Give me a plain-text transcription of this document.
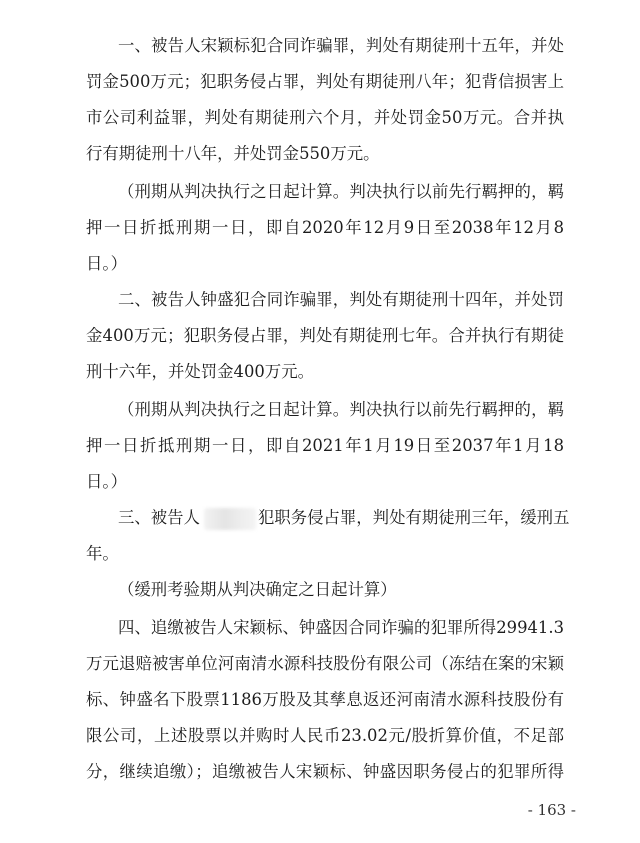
一、被告人宋颖标犯合同诈骗罪，判处有期徒刑十五年，并处
罚金500万元；犯职务侵占罪，判处有期徒刑八年；犯背信损害上
市公司利益罪，判处有期徒刑六个月，并处罚金50万元。合并执
行有期徒刑十八年，并处罚金550万元。
（刑期从判决执行之日起计算。判决执行以前先行羁押的，羁
押一日折抵刑期一日，即自2020年12月9日至2038年12月8
日。）
二、被告人钟盛犯合同诈骗罪，判处有期徒刑十四年，并处罚
金400万元；犯职务侵占罪，判处有期徒刑七年。合并执行有期徒
刑十六年，并处罚金400万元。
（刑期从判决执行之日起计算。判决执行以前先行羁押的，羁
押一日折抵刑期一日，即自2021年1月19日至2037年1月18
日。）
三、被告人	犯职务侵占罪，判处有期徒刑三年，缓刑五
年。
（缓刑考验期从判决确定之日起计算）
四、追缴被告人宋颖标、钟盛因合同诈骗的犯罪所得29941.3
万元退赔被害单位河南清水源科技股份有限公司（冻结在案的宋颖
标、钟盛名下股票1186万股及其孳息返还河南清水源科技股份有
限公司，上述股票以并购时人民币23.02元/股折算价值，不足部
分，继续追缴）；追缴被告人宋颖标、钟盛因职务侵占的犯罪所得
- 163 -
